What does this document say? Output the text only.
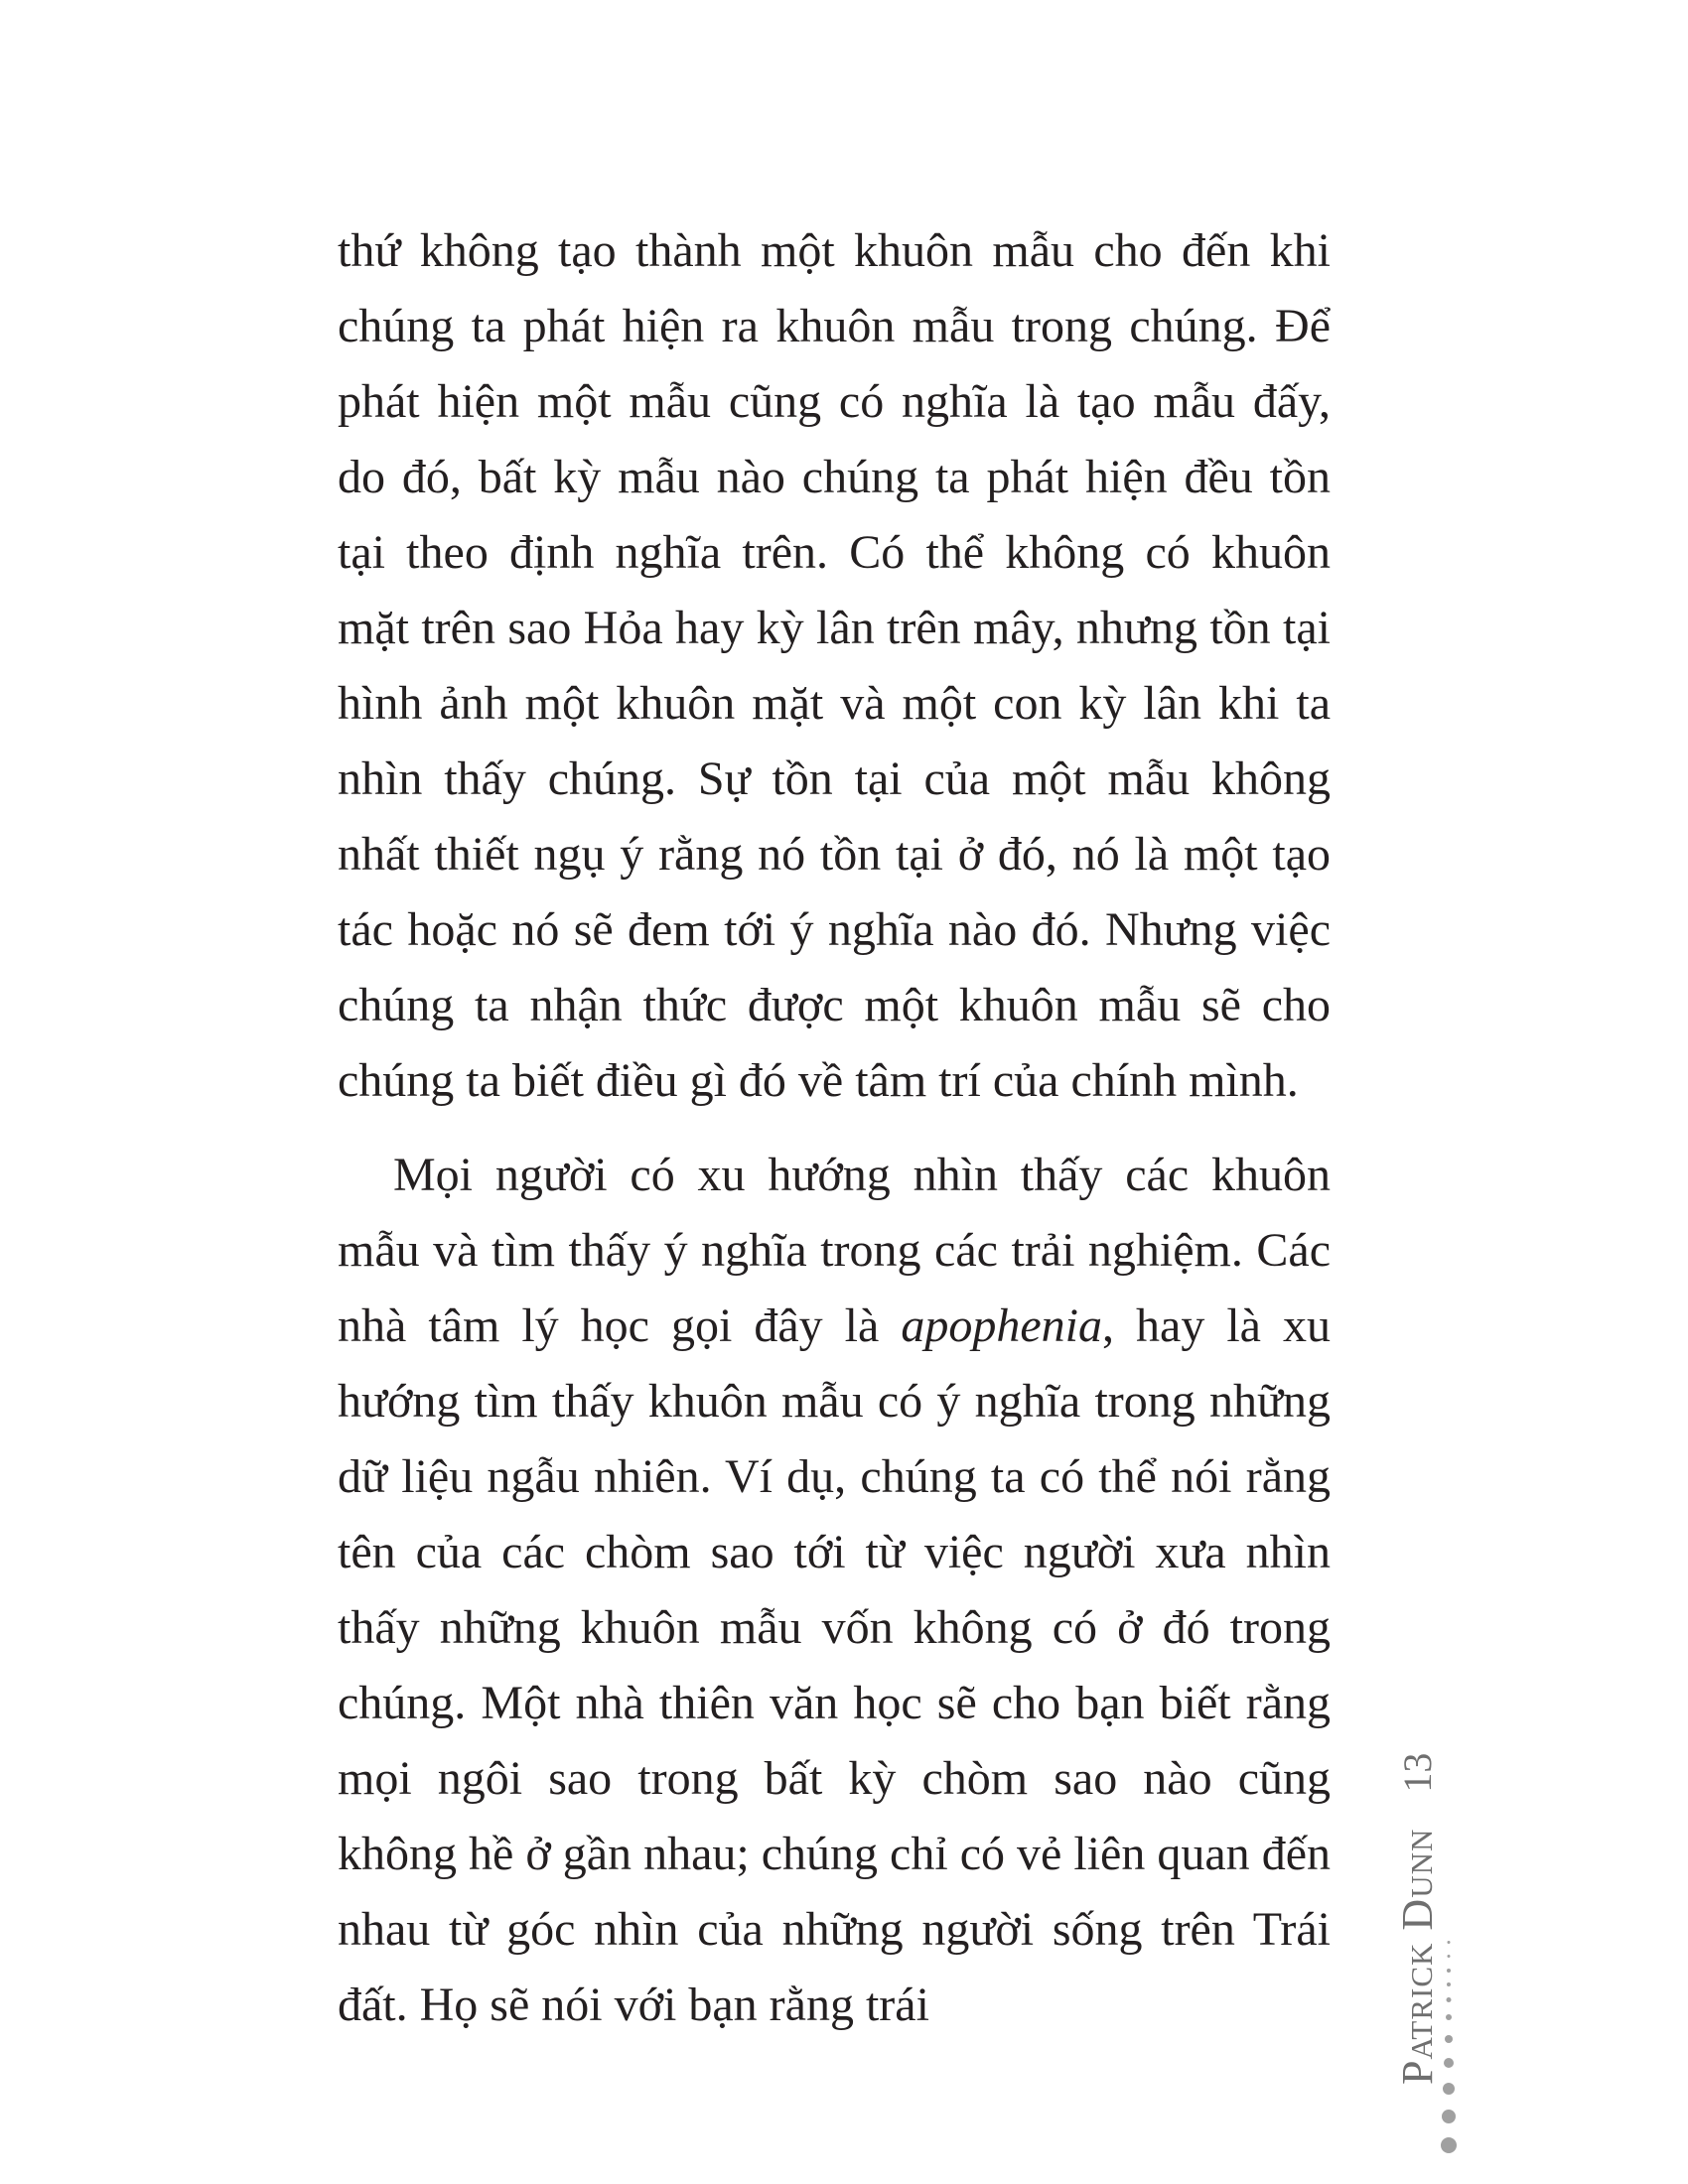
thứ không tạo thành một khuôn mẫu cho đến khi chúng ta phát hiện ra khuôn mẫu trong chúng. Để phát hiện một mẫu cũng có nghĩa là tạo mẫu đấy, do đó, bất kỳ mẫu nào chúng ta phát hiện đều tồn tại theo định nghĩa trên. Có thể không có khuôn mặt trên sao Hỏa hay kỳ lân trên mây, nhưng tồn tại hình ảnh một khuôn mặt và một con kỳ lân khi ta nhìn thấy chúng. Sự tồn tại của một mẫu không nhất thiết ngụ ý rằng nó tồn tại ở đó, nó là một tạo tác hoặc nó sẽ đem tới ý nghĩa nào đó. Nhưng việc chúng ta nhận thức được một khuôn mẫu sẽ cho chúng ta biết điều gì đó về tâm trí của chính mình.

Mọi người có xu hướng nhìn thấy các khuôn mẫu và tìm thấy ý nghĩa trong các trải nghiệm. Các nhà tâm lý học gọi đây là apophenia, hay là xu hướng tìm thấy khuôn mẫu có ý nghĩa trong những dữ liệu ngẫu nhiên. Ví dụ, chúng ta có thể nói rằng tên của các chòm sao tới từ việc người xưa nhìn thấy những khuôn mẫu vốn không có ở đó trong chúng. Một nhà thiên văn học sẽ cho bạn biết rằng mọi ngôi sao trong bất kỳ chòm sao nào cũng không hề ở gần nhau; chúng chỉ có vẻ liên quan đến nhau từ góc nhìn của những người sống trên Trái đất. Họ sẽ nói với bạn rằng trái	Patrick Dunn
13
